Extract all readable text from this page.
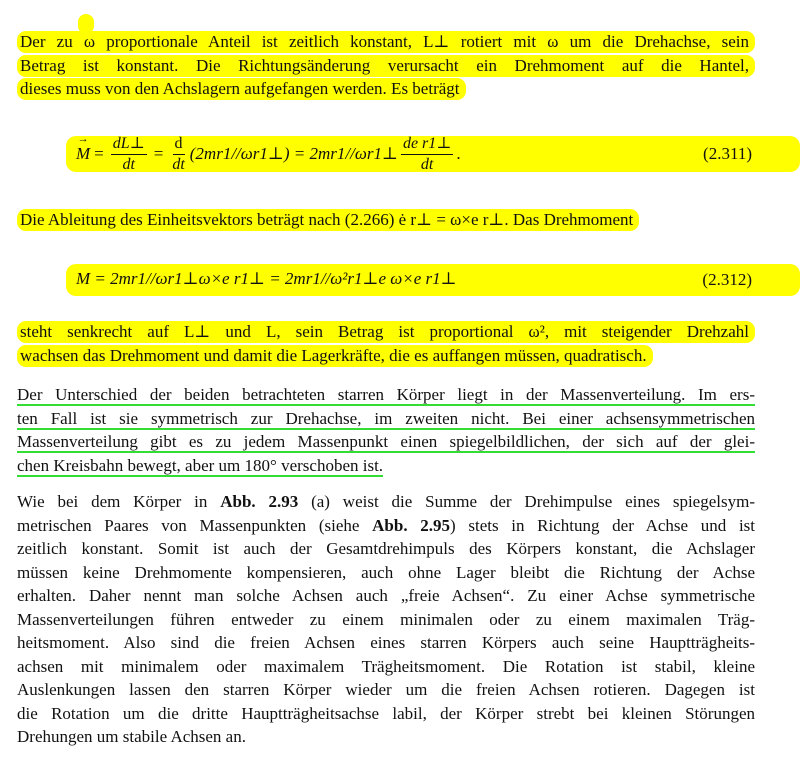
Der zu ω proportionale Anteil ist zeitlich konstant, L⊥ rotiert mit ω um die Drehachse, sein
Betrag ist konstant. Die Richtungsänderung verursacht ein Drehmoment auf die Hantel,
dieses muss von den Achslagern aufgefangen werden. Es beträgt
→ $M = \frac{dL\perp}{dt} = \frac{d}{dt}$ (2mr1//ωr1⊥) = 2mr1//ωr1⊥ $\frac{\text{de r1⊥}}{dt}$ .	(2.311)
Die Ableitung des Einheitsvektors beträgt nach (2.266) ė r⊥ = ω×e r⊥. Das Drehmoment
M = 2mr1//ωr1⊥ω×e r1⊥ = 2mr1//ω²r1⊥e ω×e r1⊥	(2.312)
steht senkrecht auf L⊥ und L, sein Betrag ist proportional ω², mit steigender Drehzahl
wachsen das Drehmoment und damit die Lagerkräfte, die es auffangen müssen, quadratisch.
Der Unterschied der beiden betrachteten starren Körper liegt in der Massenverteilung. Im ers-
ten Fall ist sie symmetrisch zur Drehachse, im zweiten nicht. Bei einer achsensymmetrischen
Massenverteilung gibt es zu jedem Massenpunkt einen spiegelbildlichen, der sich auf der glei-
chen Kreisbahn bewegt, aber um 180° verschoben ist.
Wie bei dem Körper in Abb. 2.93 (a) weist die Summe der Drehimpulse eines spiegelsym-
metrischen Paares von Massenpunkten (siehe Abb. 2.95) stets in Richtung der Achse und ist
zeitlich konstant. Somit ist auch der Gesamtdrehimpuls des Körpers konstant, die Achslager
müssen keine Drehmomente kompensieren, auch ohne Lager bleibt die Richtung der Achse
erhalten. Daher nennt man solche Achsen auch „freie Achsen“. Zu einer Achse symmetrische
Massenverteilungen führen entweder zu einem minimalen oder zu einem maximalen Träg-
heitsmoment. Also sind die freien Achsen eines starren Körpers auch seine Hauptträgheits-
achsen mit minimalem oder maximalem Trägheitsmoment. Die Rotation ist stabil, kleine
Auslenkungen lassen den starren Körper wieder um die freien Achsen rotieren. Dagegen ist
die Rotation um die dritte Hauptträgheitsachse labil, der Körper strebt bei kleinen Störungen
Drehungen um stabile Achsen an.
